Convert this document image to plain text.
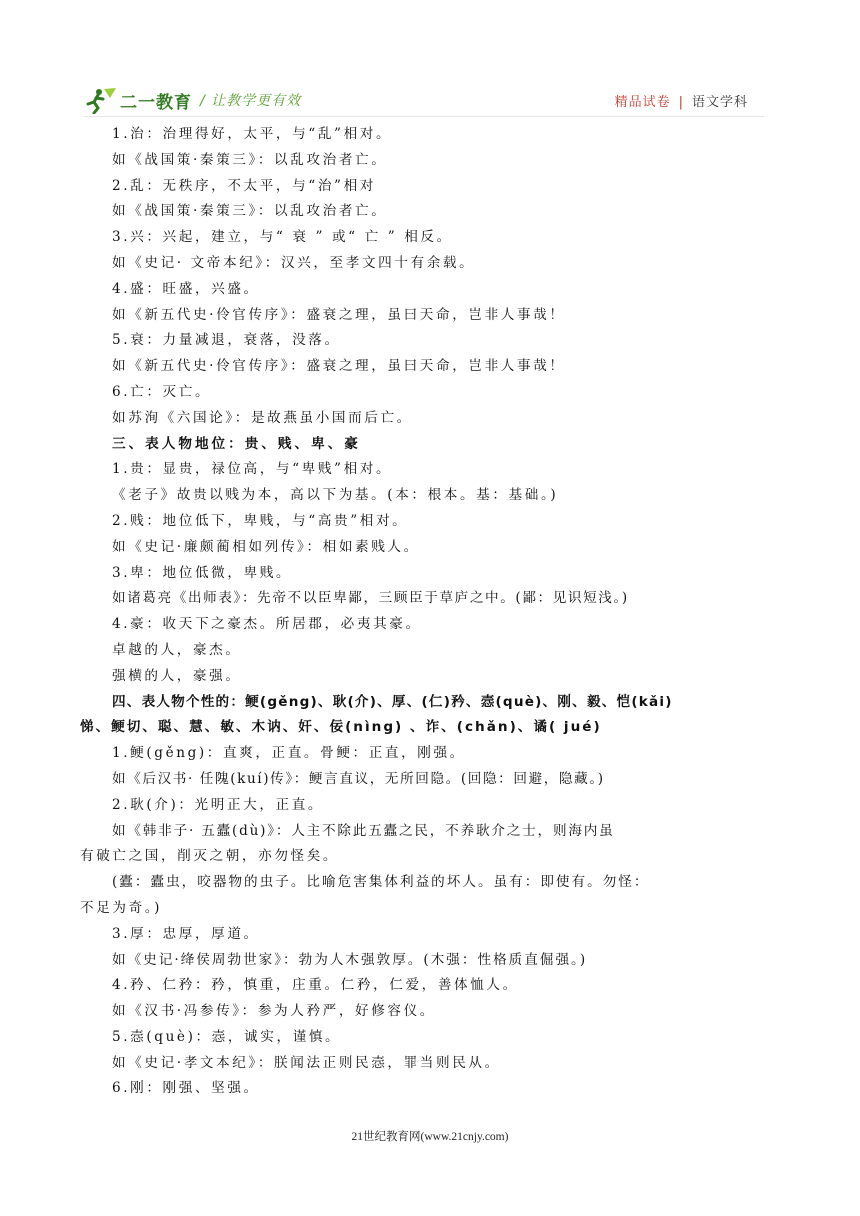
二一教育 / 让教学更有效	精品试卷 | 语文学科
1.治：治理得好，太平，与“乱”相对。
如《战国策·秦策三》：以乱攻治者亡。
2.乱：无秩序，不太平，与“治”相对
如《战国策·秦策三》：以乱攻治者亡。
3.兴：兴起，建立，与“ 衰 ” 或“ 亡 ” 相反。
如《史记· 文帝本纪》：汉兴，至孝文四十有余载。
4.盛：旺盛，兴盛。
如《新五代史·伶官传序》：盛衰之理，虽曰天命，岂非人事哉！
5.衰：力量减退，衰落，没落。
如《新五代史·伶官传序》：盛衰之理，虽曰天命，岂非人事哉！
6.亡：灭亡。
如苏洵《六国论》：是故燕虽小国而后亡。
三、表人物地位：贵、贱、卑、豪
1.贵：显贵，禄位高，与“卑贱”相对。
《老子》故贵以贱为本，高以下为基。(本：根本。基：基础。)
2.贱：地位低下，卑贱，与“高贵”相对。
如《史记·廉颇蔺相如列传》：相如素贱人。
3.卑：地位低微，卑贱。
如诸葛亮《出师表》：先帝不以臣卑鄙，三顾臣于草庐之中。(鄙：见识短浅。)
4.豪：收天下之豪杰。所居郡，必夷其豪。
卓越的人，豪杰。
强横的人，豪强。
四、表人物个性的：鲠(gěng)、耿(介)、厚、(仁)矜、悫(què)、刚、毅、恺(kǎi)
悌、鲠切、聪、慧、敏、木讷、奸、佞(nìng) 、诈、(chǎn)、谲( jué)
1.鲠(gěng)：直爽，正直。骨鲠：正直，刚强。
如《后汉书· 任隗(kuí)传》：鲠言直议，无所回隐。(回隐：回避，隐藏。)
2.耿(介)：光明正大，正直。
如《韩非子· 五蠹(dù)》：人主不除此五蠹之民，不养耿介之士，则海内虽
有破亡之国，削灭之朝，亦勿怪矣。
(蠹：蠹虫，咬器物的虫子。比喻危害集体利益的坏人。虽有：即使有。勿怪：
不足为奇。)
3.厚：忠厚，厚道。
如《史记·绛侯周勃世家》：勃为人木强敦厚。(木强：性格质直倔强。)
4.矜、仁矜：矜，慎重，庄重。仁矜，仁爱，善体恤人。
如《汉书·冯参传》：参为人矜严，好修容仪。
5.悫(què)：悫，诚实，谨慎。
如《史记·孝文本纪》：朕闻法正则民悫，罪当则民从。
6.刚：刚强、坚强。
21世纪教育网(www.21cnjy.com)
